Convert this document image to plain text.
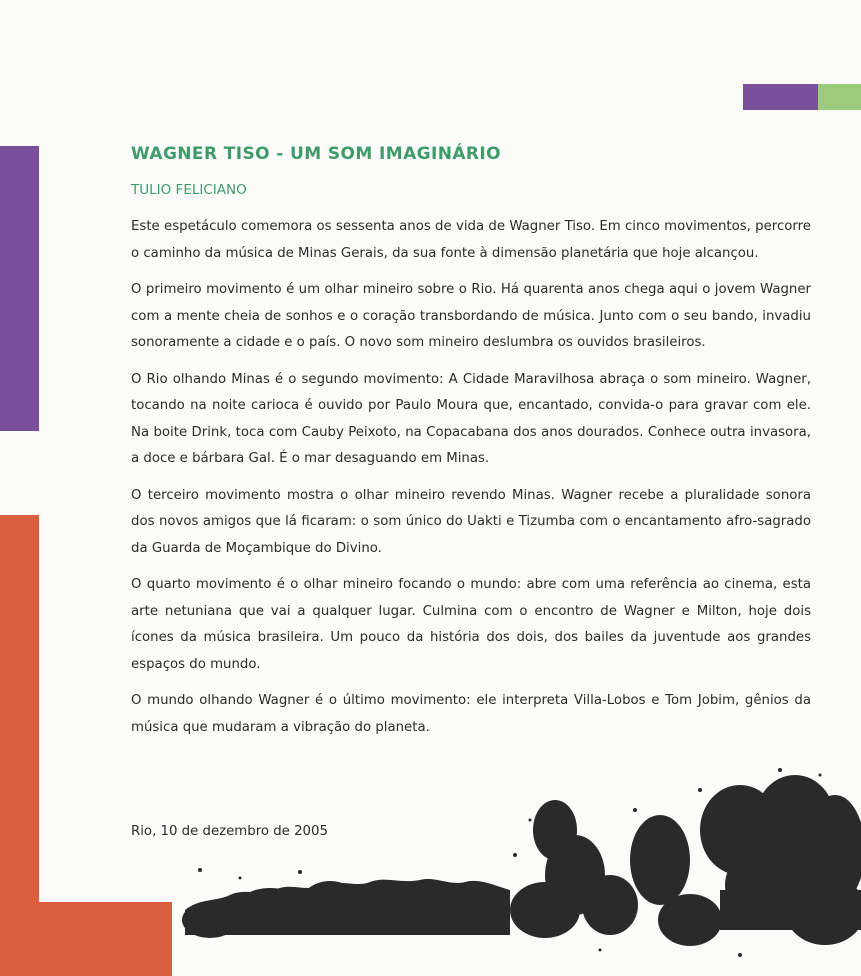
WAGNER TISO - UM SOM IMAGINÁRIO

TULIO FELICIANO

Este espetáculo comemora os sessenta anos de vida de Wagner Tiso. Em cinco movimentos, percorre o caminho da música de Minas Gerais, da sua fonte à dimensão planetária que hoje alcançou.

O primeiro movimento é um olhar mineiro sobre o Rio. Há quarenta anos chega aqui o jovem Wagner com a mente cheia de sonhos e o coração transbordando de música. Junto com o seu bando, invadiu sonoramente a cidade e o país. O novo som mineiro deslumbra os ouvidos brasileiros.

O Rio olhando Minas é o segundo movimento: A Cidade Maravilhosa abraça o som mineiro. Wagner, tocando na noite carioca é ouvido por Paulo Moura que, encantado, convida-o para gravar com ele. Na boite Drink, toca com Cauby Peixoto, na Copacabana dos anos dourados. Conhece outra invasora, a doce e bárbara Gal. É o mar desaguando em Minas.

O terceiro movimento mostra o olhar mineiro revendo Minas. Wagner recebe a pluralidade sonora dos novos amigos que lá ficaram: o som único do Uakti e Tizumba com o encantamento afro-sagrado da Guarda de Moçambique do Divino.

O quarto movimento é o olhar mineiro focando o mundo: abre com uma referência ao cinema, esta arte netuniana que vai a qualquer lugar. Culmina com o encontro de Wagner e Milton, hoje dois ícones da música brasileira. Um pouco da história dos dois, dos bailes da juventude aos grandes espaços do mundo.

O mundo olhando Wagner é o último movimento: ele interpreta Villa-Lobos e Tom Jobim, gênios da música que mudaram a vibração do planeta.

Rio, 10 de dezembro de 2005
